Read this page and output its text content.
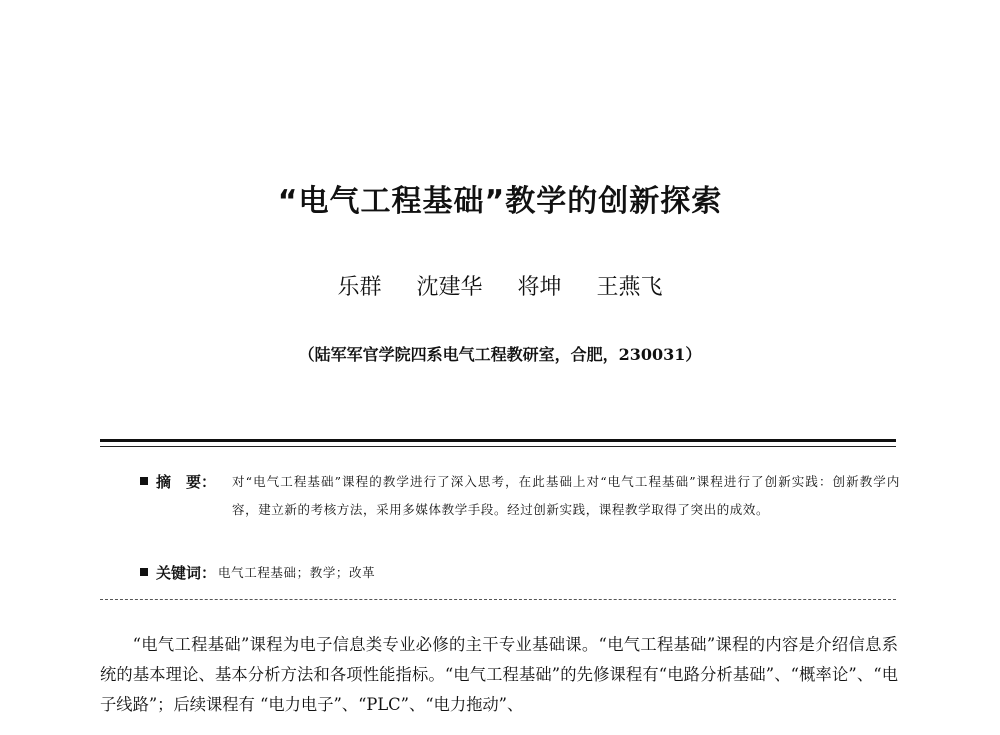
“电气工程基础”教学的创新探索
乐群 沈建华 将坤 王燕飞
（陆军军官学院四系电气工程教研室，合肥，230031）
摘　要：	对“电气工程基础”课程的教学进行了深入思考，在此基础上对“电气工程基础”课程进行了创新实践：创新教学内容，建立新的考核方法，采用多媒体教学手段。经过创新实践，课程教学取得了突出的成效。
关键词： 电气工程基础；教学；改革
“电气工程基础”课程为电子信息类专业必修的主干专业基础课。“电气工程基础”课程的内容是介绍信息系统的基本理论、基本分析方法和各项性能指标。“电气工程基础”的先修课程有“电路分析基础”、“概率论”、“电子线路”；后续课程有 “电力电子”、“PLC”、“电力拖动”、
